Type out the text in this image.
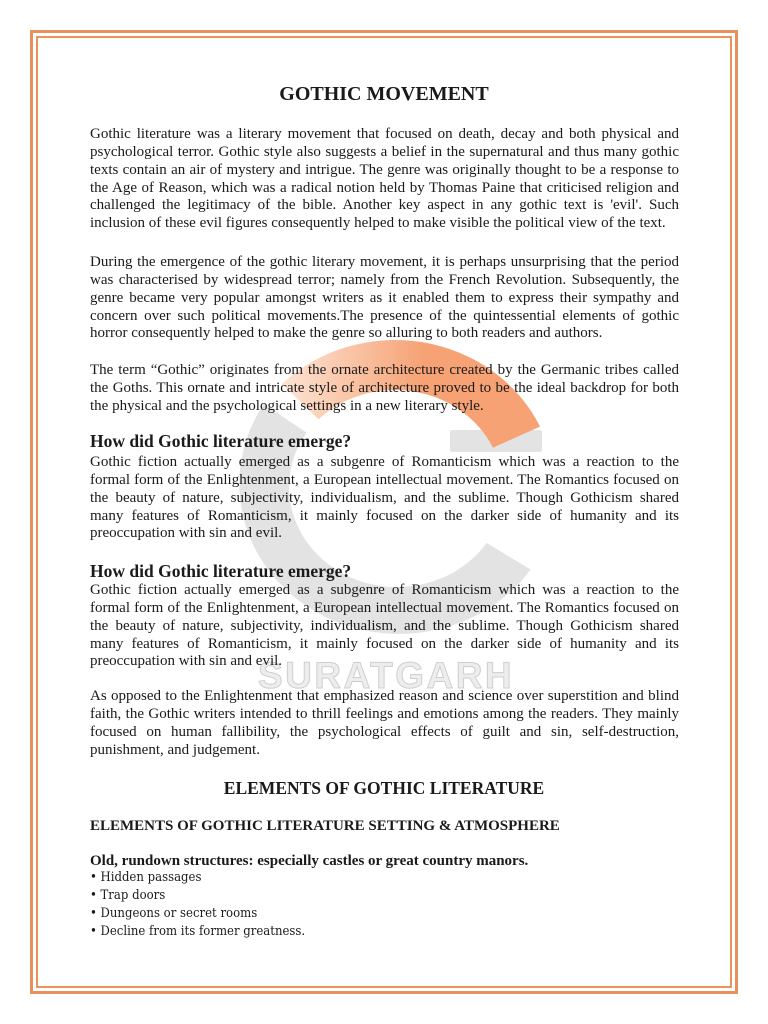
SURATGARH
GOTHIC MOVEMENT
Gothic literature was a literary movement that focused on death, decay and both physical and
psychological terror. Gothic style also suggests a belief in the supernatural and thus many gothic
texts contain an air of mystery and intrigue. The genre was originally thought to be a response to
the Age of Reason, which was a radical notion held by Thomas Paine that criticised religion and
challenged the legitimacy of the bible. Another key aspect in any gothic text is 'evil'. Such
inclusion of these evil figures consequently helped to make visible the political view of the text.
During the emergence of the gothic literary movement, it is perhaps unsurprising that the period
was characterised by widespread terror; namely from the French Revolution. Subsequently, the
genre became very popular amongst writers as it enabled them to express their sympathy and
concern over such political movements.The presence of the quintessential elements of gothic
horror consequently helped to make the genre so alluring to both readers and authors.
The term “Gothic” originates from the ornate architecture created by the Germanic tribes called
the Goths. This ornate and intricate style of architecture proved to be the ideal backdrop for both
the physical and the psychological settings in a new literary style.
How did Gothic literature emerge?
Gothic fiction actually emerged as a subgenre of Romanticism which was a reaction to the
formal form of the Enlightenment, a European intellectual movement. The Romantics focused on
the beauty of nature, subjectivity, individualism, and the sublime. Though Gothicism shared
many features of Romanticism, it mainly focused on the darker side of humanity and its
preoccupation with sin and evil.
How did Gothic literature emerge?
Gothic fiction actually emerged as a subgenre of Romanticism which was a reaction to the
formal form of the Enlightenment, a European intellectual movement. The Romantics focused on
the beauty of nature, subjectivity, individualism, and the sublime. Though Gothicism shared
many features of Romanticism, it mainly focused on the darker side of humanity and its
preoccupation with sin and evil.
As opposed to the Enlightenment that emphasized reason and science over superstition and blind
faith, the Gothic writers intended to thrill feelings and emotions among the readers. They mainly
focused on human fallibility, the psychological effects of guilt and sin, self-destruction,
punishment, and judgement.
ELEMENTS OF GOTHIC LITERATURE
ELEMENTS OF GOTHIC LITERATURE SETTING & ATMOSPHERE
Old, rundown structures: especially castles or great country manors.
• Hidden passages
• Trap doors
• Dungeons or secret rooms
• Decline from its former greatness.
